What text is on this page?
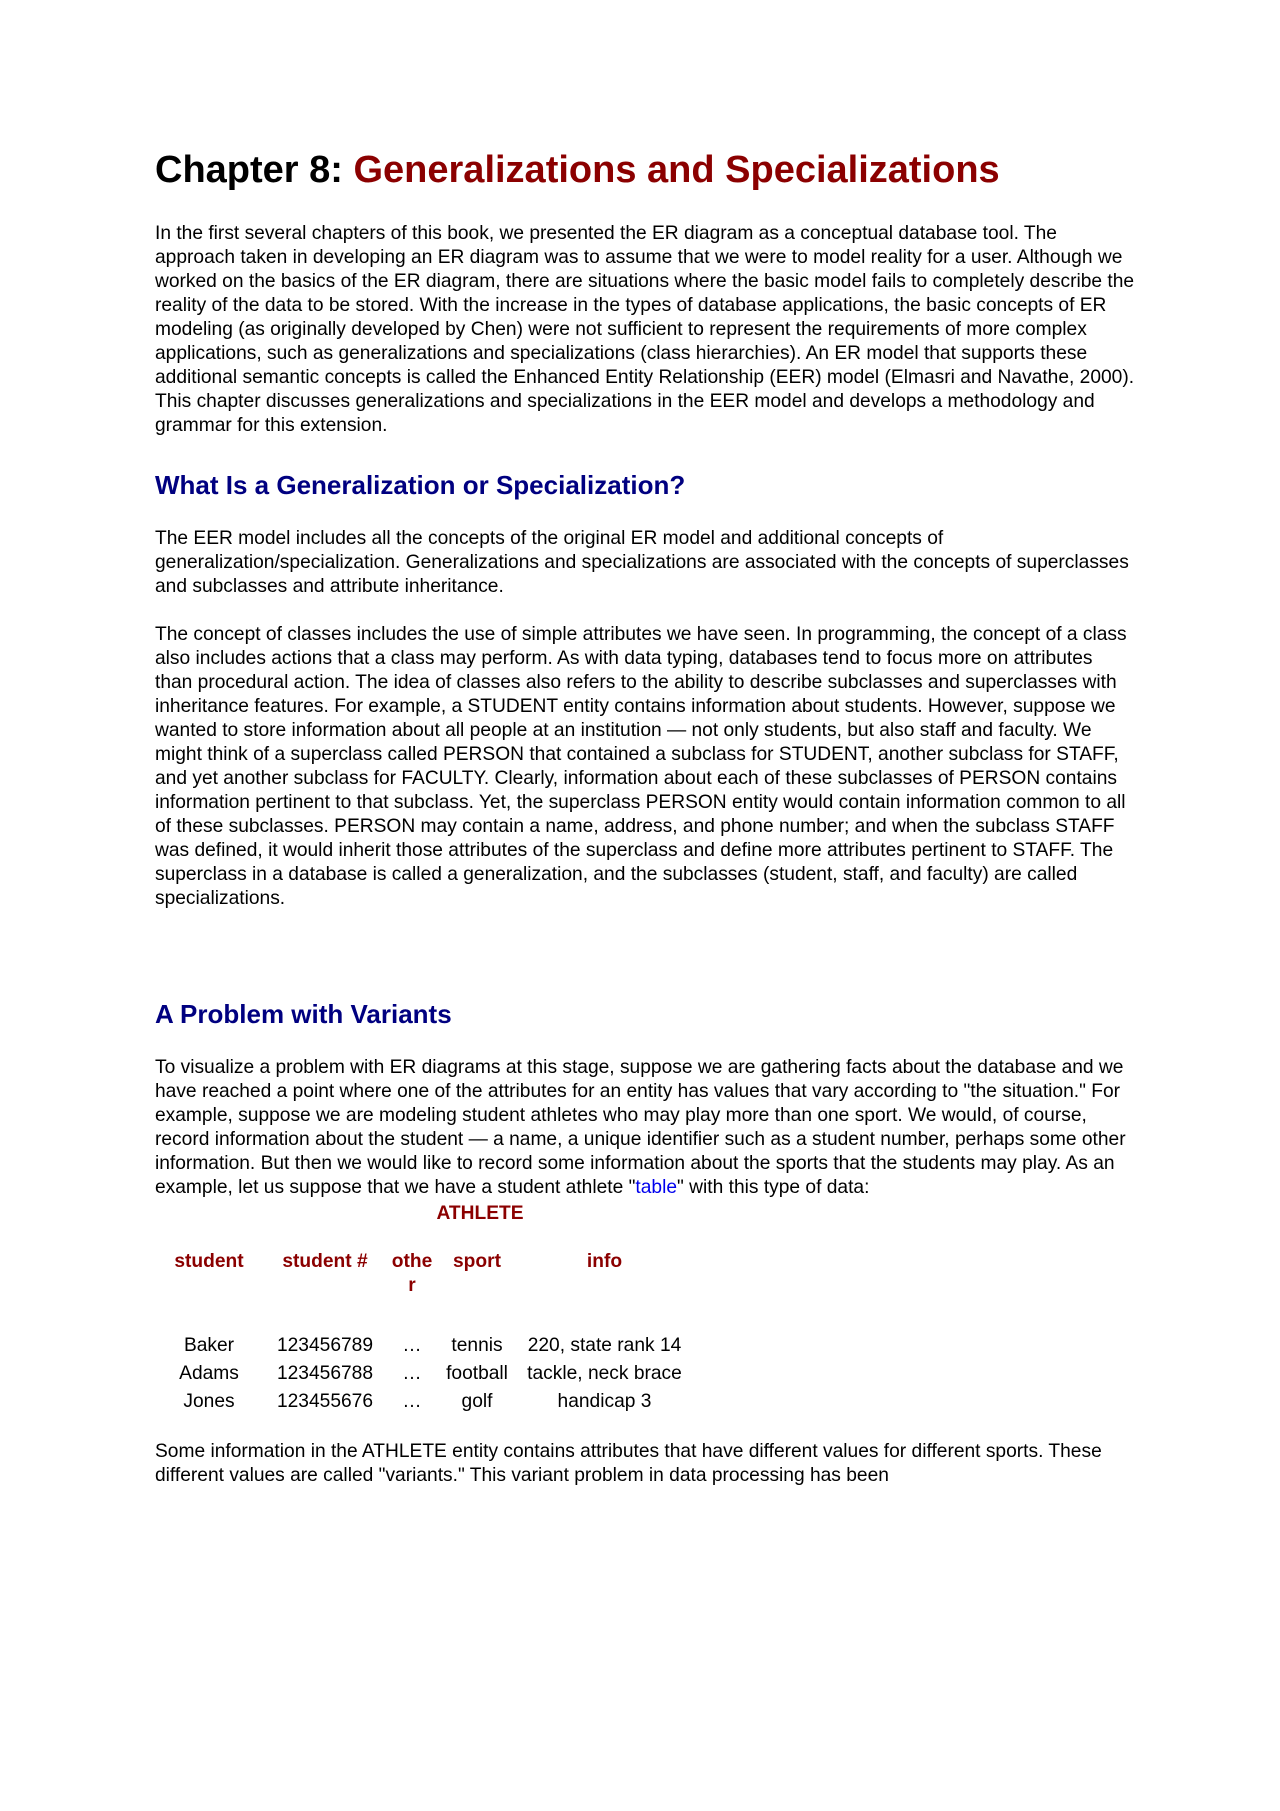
Chapter 8: Generalizations and Specializations

In the first several chapters of this book, we presented the ER diagram as a conceptual database tool. The approach taken in developing an ER diagram was to assume that we were to model reality for a user. Although we worked on the basics of the ER diagram, there are situations where the basic model fails to completely describe the reality of the data to be stored. With the increase in the types of database applications, the basic concepts of ER modeling (as originally developed by Chen) were not sufficient to represent the requirements of more complex applications, such as generalizations and specializations (class hierarchies). An ER model that supports these additional semantic concepts is called the Enhanced Entity Relationship (EER) model (Elmasri and Navathe, 2000). This chapter discusses generalizations and specializations in the EER model and develops a methodology and grammar for this extension.

What Is a Generalization or Specialization?

The EER model includes all the concepts of the original ER model and additional concepts of generalization/specialization. Generalizations and specializations are associated with the concepts of superclasses and subclasses and attribute inheritance.

The concept of classes includes the use of simple attributes we have seen. In programming, the concept of a class also includes actions that a class may perform. As with data typing, databases tend to focus more on attributes than procedural action. The idea of classes also refers to the ability to describe subclasses and superclasses with inheritance features. For example, a STUDENT entity contains information about students. However, suppose we wanted to store information about all people at an institution — not only students, but also staff and faculty. We might think of a superclass called PERSON that contained a subclass for STUDENT, another subclass for STAFF, and yet another subclass for FACULTY. Clearly, information about each of these subclasses of PERSON contains information pertinent to that subclass. Yet, the superclass PERSON entity would contain information common to all of these subclasses. PERSON may contain a name, address, and phone number; and when the subclass STAFF was defined, it would inherit those attributes of the superclass and define more attributes pertinent to STAFF. The superclass in a database is called a generalization, and the subclasses (student, staff, and faculty) are called specializations.

A Problem with Variants

To visualize a problem with ER diagrams at this stage, suppose we are gathering facts about the database and we have reached a point where one of the attributes for an entity has values that vary according to "the situation." For example, suppose we are modeling student athletes who may play more than one sport. We would, of course, record information about the student — a name, a unique identifier such as a student number, perhaps some other information. But then we would like to record some information about the sports that the students may play. As an example, let us suppose that we have a student athlete "table" with this type of data:

ATHLETE
student	student #	other	sport	info
Baker	123456789	…	tennis	220, state rank 14
Adams	123456788	…	football	tackle, neck brace
Jones	123455676	…	golf	handicap 3

Some information in the ATHLETE entity contains attributes that have different values for different sports. These different values are called "variants." This variant problem in data processing has been
